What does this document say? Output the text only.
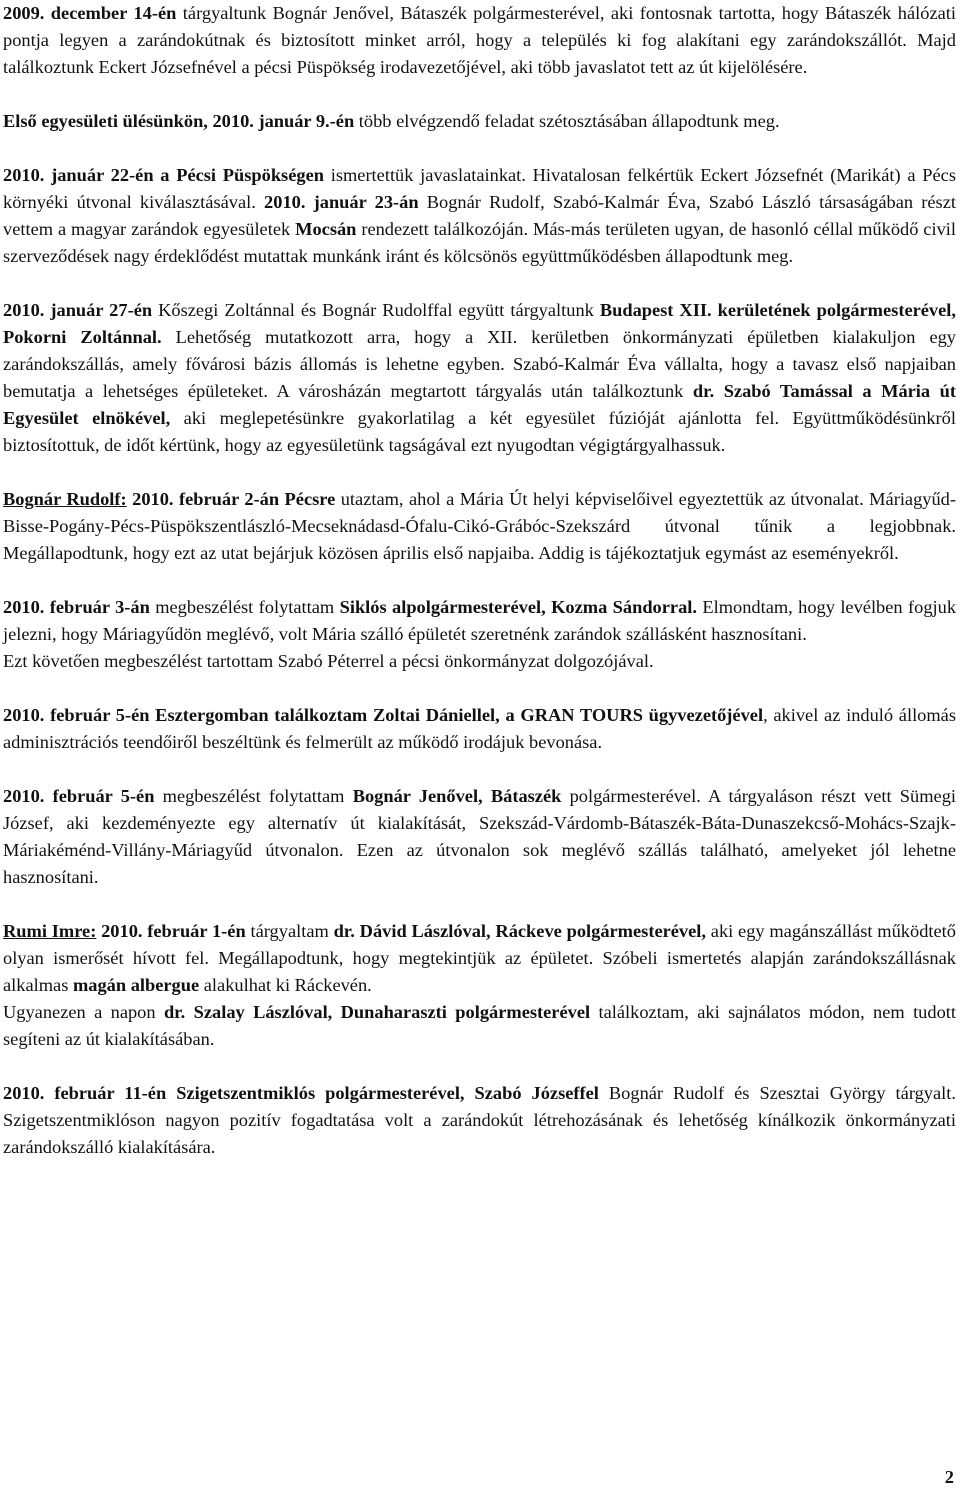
2009. december 14-én tárgyaltunk Bognár Jenővel, Bátaszék polgármesterével, aki fontosnak tartotta, hogy Bátaszék hálózati pontja legyen a zarándokútnak és biztosított minket arról, hogy a település ki fog alakítani egy zarándokszállót. Majd találkoztunk Eckert Józsefnével a pécsi Püspökség irodavezetőjével, aki több javaslatot tett az út kijelölésére.

Első egyesületi ülésünkön, 2010. január 9.-én több elvégzendő feladat szétosztásában állapodtunk meg.

2010. január 22-én a Pécsi Püspökségen ismertettük javaslatainkat. Hivatalosan felkértük Eckert Józsefnét (Marikát) a Pécs környéki útvonal kiválasztásával. 2010. január 23-án Bognár Rudolf, Szabó-Kalmár Éva, Szabó László társaságában részt vettem a magyar zarándok egyesületek Mocsán rendezett találkozóján. Más-más területen ugyan, de hasonló céllal működő civil szerveződések nagy érdeklődést mutattak munkánk iránt és kölcsönös együttműködésben állapodtunk meg.

2010. január 27-én Kőszegi Zoltánnal és Bognár Rudolffal együtt tárgyaltunk Budapest XII. kerületének polgármesterével, Pokorni Zoltánnal. Lehetőség mutatkozott arra, hogy a XII. kerületben önkormányzati épületben kialakuljon egy zarándokszállás, amely fővárosi bázis állomás is lehetne egyben. Szabó-Kalmár Éva vállalta, hogy a tavasz első napjaiban bemutatja a lehetséges épületeket. A városházán megtartott tárgyalás után találkoztunk dr. Szabó Tamással a Mária út Egyesület elnökével, aki meglepetésünkre gyakorlatilag a két egyesület fúzióját ajánlotta fel. Együttműködésünkről biztosítottuk, de időt kértünk, hogy az egyesületünk tagságával ezt nyugodtan végigtárgyalhassuk.

Bognár Rudolf: 2010. február 2-án Pécsre utaztam, ahol a Mária Út helyi képviselőivel egyeztettük az útvonalat. Máriagyűd-Bisse-Pogány-Pécs-Püspökszentlászló-Mecseknádasd-Ófalu-Cikó-Grábóc-Szekszárd útvonal tűnik a legjobbnak. Megállapodtunk, hogy ezt az utat bejárjuk közösen április első napjaiba. Addig is tájékoztatjuk egymást az eseményekről.

2010. február 3-án megbeszélést folytattam Siklós alpolgármesterével, Kozma Sándorral. Elmondtam, hogy levélben fogjuk jelezni, hogy Máriagyűdön meglévő, volt Mária szálló épületét szeretnénk zarándok szállásként hasznosítani.

Ezt követően megbeszélést tartottam Szabó Péterrel a pécsi önkormányzat dolgozójával.

2010. február 5-én Esztergomban találkoztam Zoltai Dániellel, a GRAN TOURS ügyvezetőjével, akivel az induló állomás adminisztrációs teendőiről beszéltünk és felmerült az működő irodájuk bevonása.

2010. február 5-én megbeszélést folytattam Bognár Jenővel, Bátaszék polgármesterével. A tárgyaláson részt vett Sümegi József, aki kezdeményezte egy alternatív út kialakítását, Szekszád-Várdomb-Bátaszék-Báta-Dunaszekcső-Mohács-Szajk-Máriakéménd-Villány-Máriagyűd útvonalon. Ezen az útvonalon sok meglévő szállás található, amelyeket jól lehetne hasznosítani.

Rumi Imre: 2010. február 1-én tárgyaltam dr. Dávid Lászlóval, Ráckeve polgármesterével, aki egy magánszállást működtető olyan ismerősét hívott fel. Megállapodtunk, hogy megtekintjük az épületet. Szóbeli ismertetés alapján zarándokszállásnak alkalmas magán albergue alakulhat ki Ráckevén.

Ugyanezen a napon dr. Szalay Lászlóval, Dunaharaszti polgármesterével találkoztam, aki sajnálatos módon, nem tudott segíteni az út kialakításában.

2010. február 11-én Szigetszentmiklós polgármesterével, Szabó Józseffel Bognár Rudolf és Szesztai György tárgyalt. Szigetszentmiklóson nagyon pozitív fogadtatása volt a zarándokút létrehozásának és lehetőség kínálkozik önkormányzati zarándokszálló kialakítására.

2
